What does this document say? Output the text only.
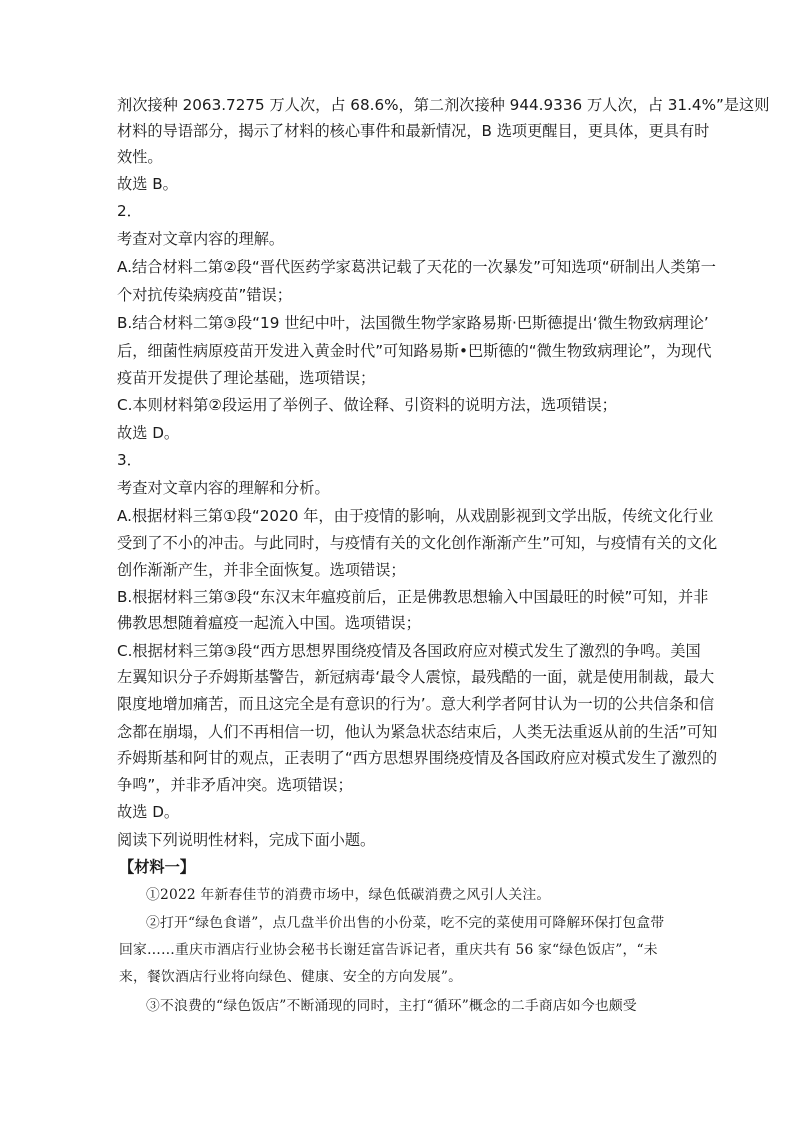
剂次接种 2063.7275 万人次，占 68.6%，第二剂次接种 944.9336 万人次，占 31.4%”是这则
材料的导语部分，揭示了材料的核心事件和最新情况，B 选项更醒目，更具体，更具有时
效性。
故选 B。
2．
考查对文章内容的理解。
A.结合材料二第②段“晋代医药学家葛洪记载了天花的一次暴发”可知选项“研制出人类第一
个对抗传染病疫苗”错误；
B.结合材料二第③段“19 世纪中叶，法国微生物学家路易斯·巴斯德提出‘微生物致病理论’
后，细菌性病原疫苗开发进入黄金时代”可知路易斯•巴斯德的“微生物致病理论”，为现代
疫苗开发提供了理论基础，选项错误；
C.本则材料第②段运用了举例子、做诠释、引资料的说明方法，选项错误；
故选 D。
3．
考查对文章内容的理解和分析。
A.根据材料三第①段“2020 年，由于疫情的影响，从戏剧影视到文学出版，传统文化行业
受到了不小的冲击。与此同时，与疫情有关的文化创作渐渐产生”可知，与疫情有关的文化
创作渐渐产生，并非全面恢复。选项错误；
B.根据材料三第③段“东汉末年瘟疫前后，正是佛教思想输入中国最旺的时候”可知，并非
佛教思想随着瘟疫一起流入中国。选项错误；
C.根据材料三第③段“西方思想界围绕疫情及各国政府应对模式发生了激烈的争鸣。美国
左翼知识分子乔姆斯基警告，新冠病毒‘最令人震惊，最残酷的一面，就是使用制裁，最大
限度地增加痛苦，而且这完全是有意识的行为’。意大利学者阿甘认为一切的公共信条和信
念都在崩塌，人们不再相信一切，他认为紧急状态结束后，人类无法重返从前的生活”可知
乔姆斯基和阿甘的观点，正表明了“西方思想界围绕疫情及各国政府应对模式发生了激烈的
争鸣”，并非矛盾冲突。选项错误；
故选 D。
阅读下列说明性材料，完成下面小题。
【材料一】
①2022 年新春佳节的消费市场中，绿色低碳消费之风引人关注。
②打开“绿色食谱”，点几盘半价出售的小份菜，吃不完的菜使用可降解环保打包盒带
回家……重庆市酒店行业协会秘书长谢廷富告诉记者，重庆共有 56 家“绿色饭店”，“未
来，餐饮酒店行业将向绿色、健康、安全的方向发展”。
③不浪费的“绿色饭店”不断涌现的同时，主打“循环”概念的二手商店如今也颇受
